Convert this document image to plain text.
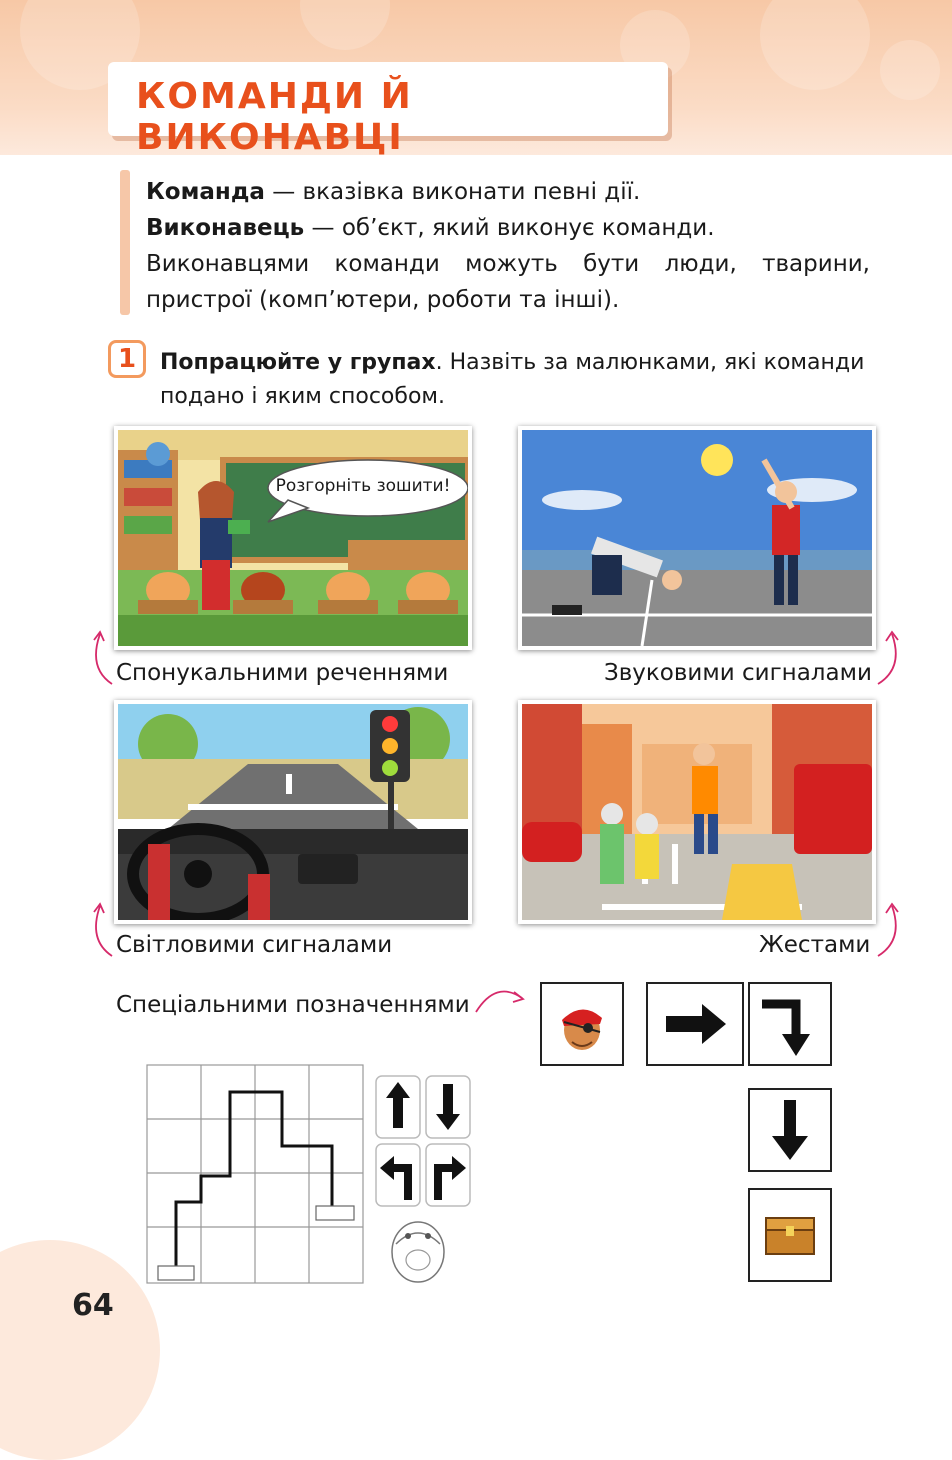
КОМАНДИ Й ВИКОНАВЦІ
Команда — вказівка виконати певні дії.
Виконавець — об’єкт, який виконує команди.
Виконавцями команди можуть бути люди, тварини,
пристрої (комп’ютери, роботи та інші).
1	Попрацюйте у групах. Назвіть за малюнками, які команди
подано і яким способом.
Розгорніть зошити!
Спонукальними реченнями	Звуковими сигналами
Світловими сигналами	Жестами
Спеціальними позначеннями
64
